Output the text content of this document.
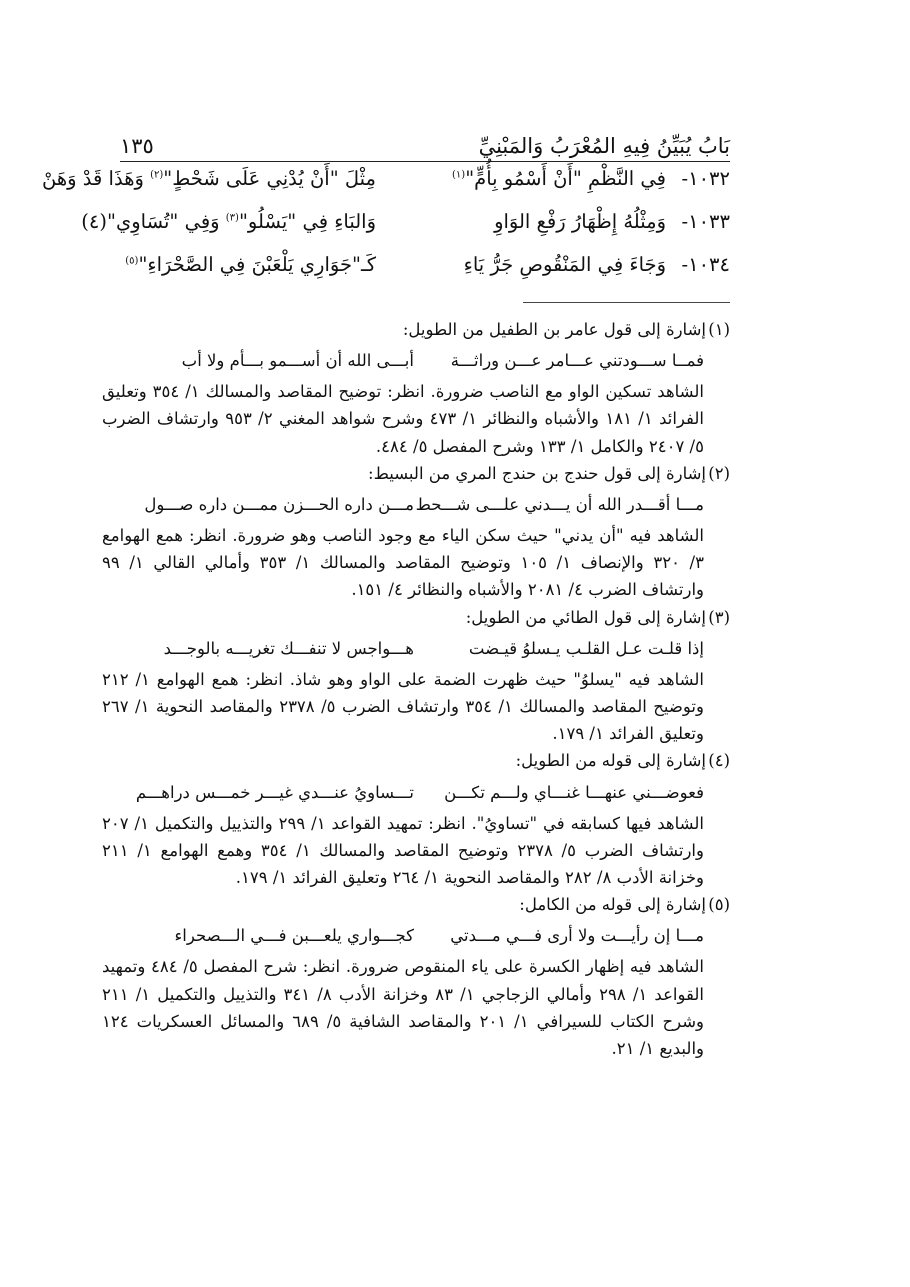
بَابُ يُبَيِّنُ فِيهِ المُعْرَبُ وَالمَبْنِيِّ
١٣٥
١٠٣٢-
فِي النَّظْمِ "أَنْ أَسْمُو بِأُمٍّ"$^{(١)}$
مِثْلَ "أَنْ يُدْنِي عَلَى شَحْطٍ"$^{(٢)}$ وَهَذَا قَدْ وَهَنْ
١٠٣٣-
وَمِثْلُهُ إِظْهَارُ رَفْعِ الوَاوِ
وَالبَاءِ فِي "يَسْلُو"$^{(٣)}$ وَفِي "تُسَاوِي"(٤)
١٠٣٤-
وَجَاءَ فِي المَنْقُوصِ جَرُّ يَاءِ
كَـ"جَوَارِي يَلْعَبْنَ فِي الصَّحْرَاءِ"$^{(٥)}$
(١)إشارة إلى قول عامر بن الطفيل من الطويل:
فمــا ســـودتني عـــامر عـــن وراثـــة
أبـــى الله أن أســـمو بـــأم ولا أب
الشاهد تسكين الواو مع الناصب ضرورة. انظر: توضيح المقاصد والمسالك ١/ ٣٥٤ وتعليق الفرائد ١/ ١٨١ والأشباه والنظائر ١/ ٤٧٣ وشرح شواهد المغني ٢/ ٩٥٣ وارتشاف الضرب ٥/ ٢٤٠٧ والكامل ١/ ١٣٣ وشرح المفصل ٥/ ٤٨٤.
(٢)إشارة إلى قول حندج بن حندج المري من البسيط:
مـــا أقـــدر الله أن يـــدني علـــى شـــحط
مـــن داره الحـــزن ممـــن داره صـــول
الشاهد فيه "أن يدني" حيث سكن الياء مع وجود الناصب وهو ضرورة. انظر: همع الهوامع ٣/ ٣٢٠ والإنصاف ١/ ١٠٥ وتوضيح المقاصد والمسالك ١/ ٣٥٣ وأمالي القالي ١/ ٩٩ وارتشاف الضرب ٤/ ٢٠٨١ والأشباه والنظائر ٤/ ١٥١.
(٣)إشارة إلى قول الطائي من الطويل:
إذا قلـت عـل القلـب يـسلوُ قيـضت
هـــواجس لا تنفـــك تغريـــه بالوجـــد
الشاهد فيه "يسلوُ" حيث ظهرت الضمة على الواو وهو شاذ. انظر: همع الهوامع ١/ ٢١٢ وتوضيح المقاصد والمسالك ١/ ٣٥٤ وارتشاف الضرب ٥/ ٢٣٧٨ والمقاصد النحوية ١/ ٢٦٧ وتعليق الفرائد ١/ ١٧٩.
(٤)إشارة إلى قوله من الطويل:
فعوضـــني عنهـــا غنـــاي ولـــم تكـــن
تـــساويُ عنـــدي غيـــر خمـــس دراهـــم
الشاهد فيها كسابقه في "تساويُ". انظر: تمهيد القواعد ١/ ٢٩٩ والتذييل والتكميل ١/ ٢٠٧ وارتشاف الضرب ٥/ ٢٣٧٨ وتوضيح المقاصد والمسالك ١/ ٣٥٤ وهمع الهوامع ١/ ٢١١ وخزانة الأدب ٨/ ٢٨٢ والمقاصد النحوية ١/ ٢٦٤ وتعليق الفرائد ١/ ١٧٩.
(٥)إشارة إلى قوله من الكامل:
مـــا إن رأيـــت ولا أرى فـــي مـــدتي
كجـــواري يلعـــبن فـــي الـــصحراء
الشاهد فيه إظهار الكسرة على ياء المنقوص ضرورة. انظر: شرح المفصل ٥/ ٤٨٤ وتمهيد القواعد ١/ ٢٩٨ وأمالي الزجاجي ١/ ٨٣ وخزانة الأدب ٨/ ٣٤١ والتذييل والتكميل ١/ ٢١١ وشرح الكتاب للسيرافي ١/ ٢٠١ والمقاصد الشافية ٥/ ٦٨٩ والمسائل العسكريات ١٢٤ والبديع ١/ ٢١.
